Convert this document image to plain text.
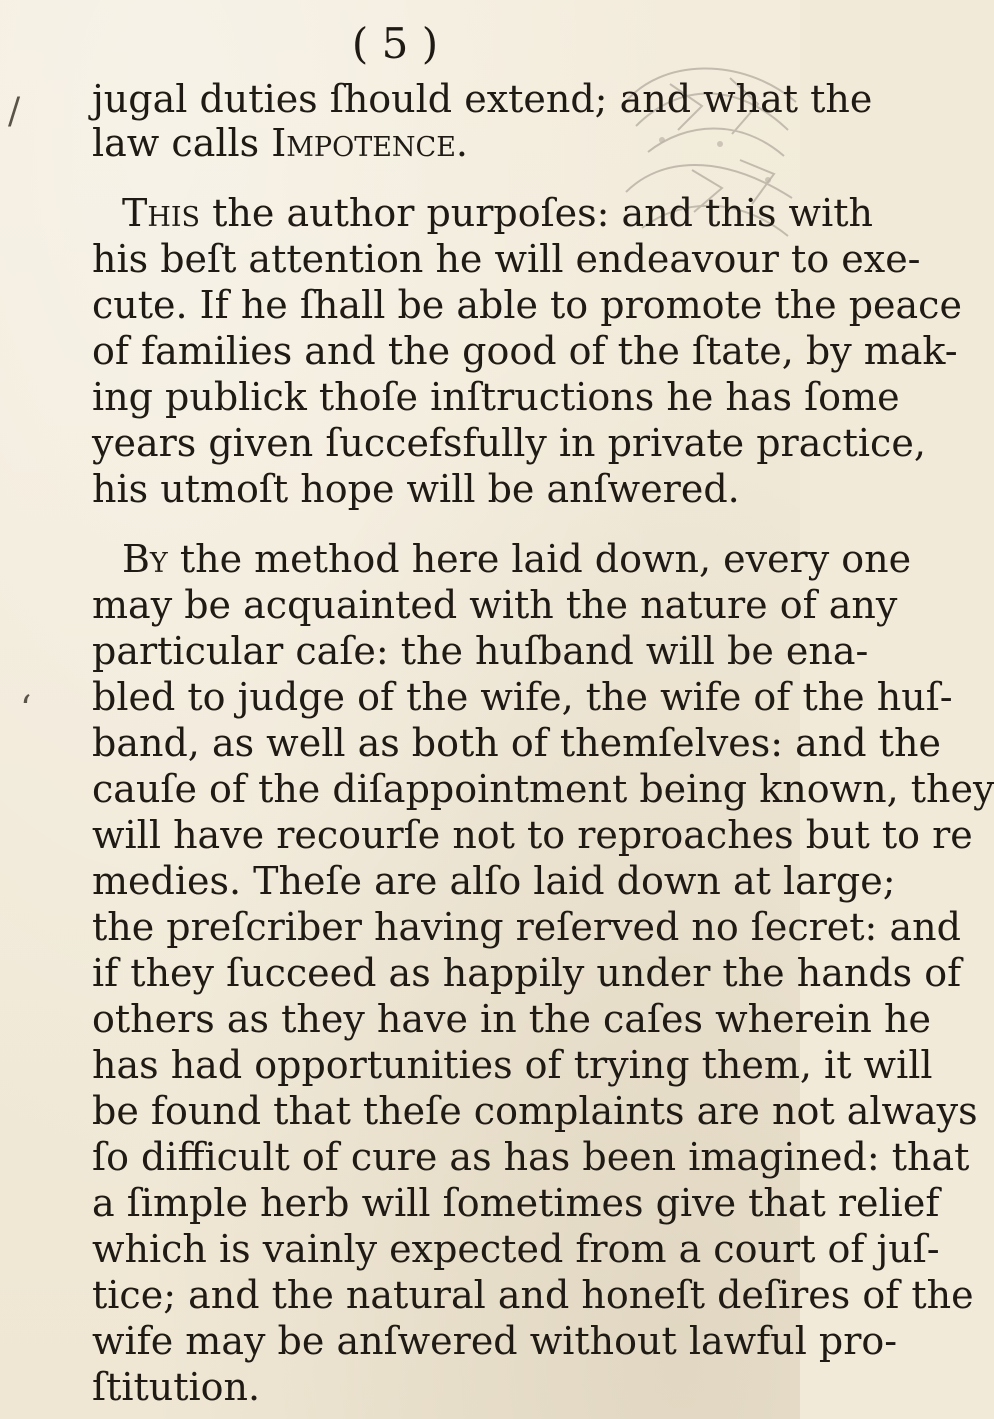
( 5 )
/
‘
jugal duties ſhould extend; and what the
law calls Impotence.
This the author purpoſes: and this with
his beſt attention he will endeavour to exe-
cute. If he ſhall be able to promote the peace
of families and the good of the ſtate, by mak-
ing publick thoſe inſtructions he has ſome
years given ſuccefsfully in private practice,
his utmoſt hope will be anſwered.
By the method here laid down, every one
may be acquainted with the nature of any
particular caſe: the huſband will be ena-
bled to judge of the wife, the wife of the huſ-
band, as well as both of themſelves: and the
cauſe of the diſappointment being known, they
will have recourſe not to reproaches but to re
medies. Theſe are alſo laid down at large;
the preſcriber having reſerved no ſecret: and
if they ſucceed as happily under the hands of
others as they have in the caſes wherein he
has had opportunities of trying them, it will
be found that theſe complaints are not always
ſo difficult of cure as has been imagined: that
a ſimple herb will ſometimes give that relief
which is vainly expected from a court of juſ-
tice; and the natural and honeſt deſires of the
wife may be anſwered without lawful pro-
ſtitution.
